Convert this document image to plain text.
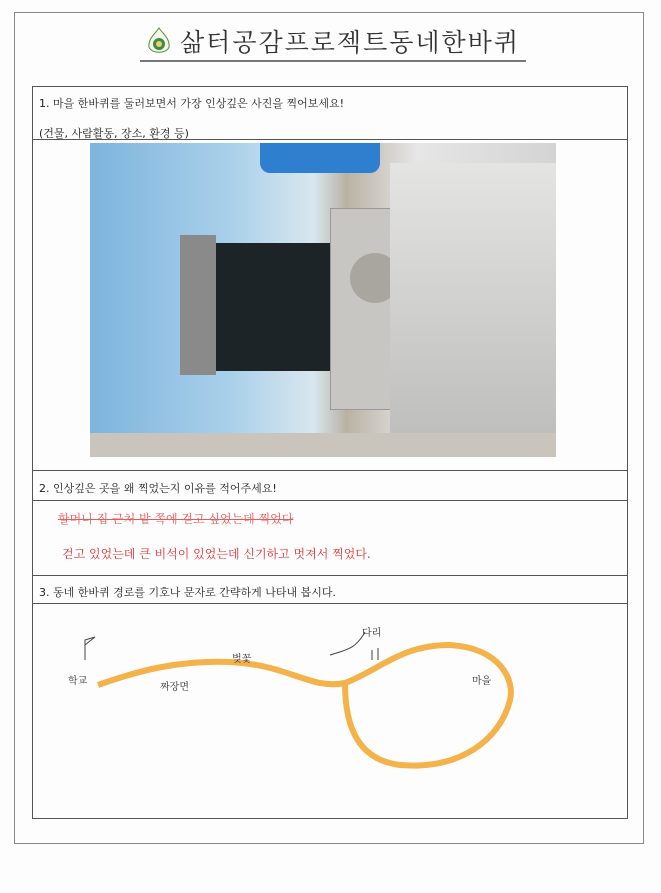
삶터공감프로젝트동네한바퀴
1. 마을 한바퀴를 둘러보면서 가장 인상깊은 사진을 찍어보세요!
(건물, 사람활동, 장소, 환경 등)
2. 인상깊은 곳을 왜 찍었는지 이유를 적어주세요!
할머니 집 근처 밭 쪽에 걷고 싶었는데 찍었다
걷고 있었는데 큰 비석이 있었는데 신기하고 멋져서 찍었다.
3. 동네 한바퀴 경로를 기호나 문자로 간략하게 나타내 봅시다.
학교
짜장면
벚꽃
다리
마을
